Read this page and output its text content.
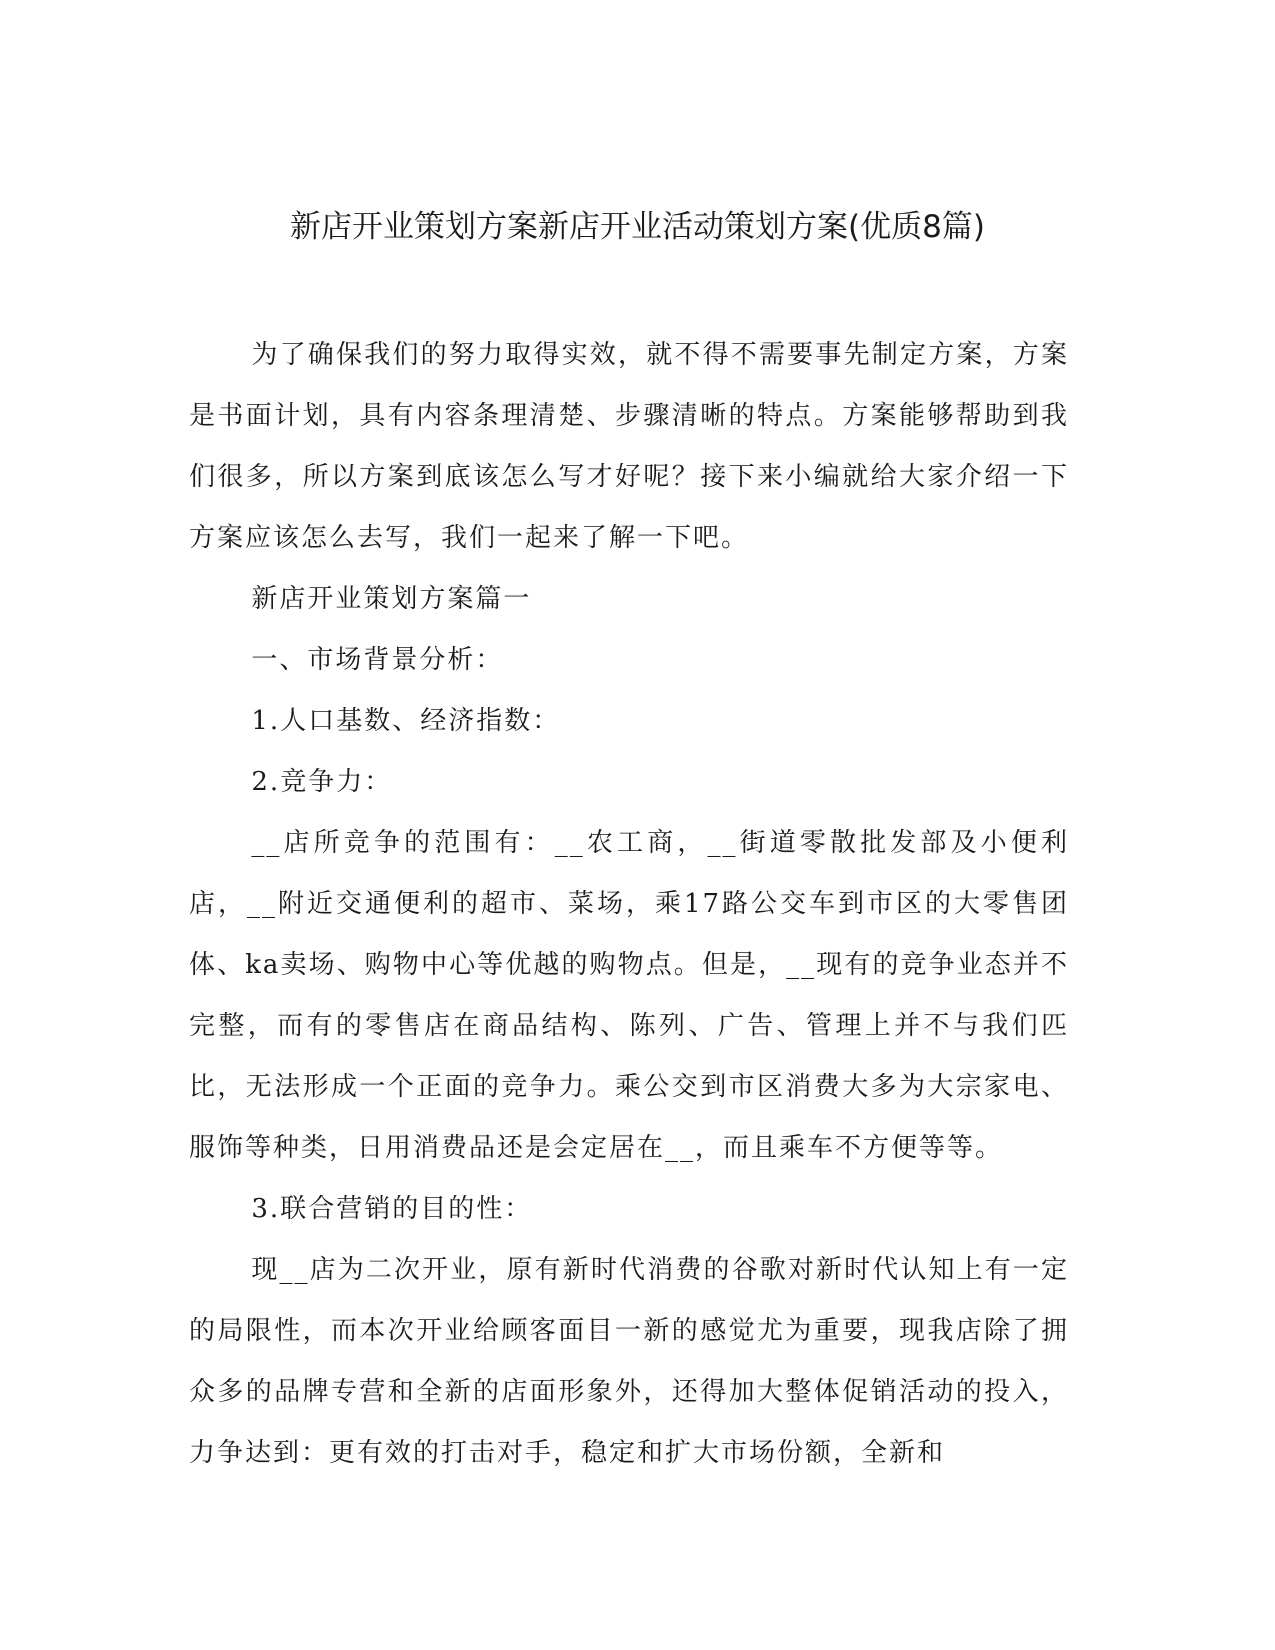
新店开业策划方案新店开业活动策划方案(优质8篇)

为了确保我们的努力取得实效，就不得不需要事先制定方案，方案是书面计划，具有内容条理清楚、步骤清晰的特点。方案能够帮助到我们很多，所以方案到底该怎么写才好呢？接下来小编就给大家介绍一下方案应该怎么去写，我们一起来了解一下吧。

新店开业策划方案篇一

一、市场背景分析：

1.人口基数、经济指数：

2.竞争力：

__店所竞争的范围有：__农工商，__街道零散批发部及小便利店，__附近交通便利的超市、菜场，乘17路公交车到市区的大零售团体、ka卖场、购物中心等优越的购物点。但是，__现有的竞争业态并不完整，而有的零售店在商品结构、陈列、广告、管理上并不与我们匹比，无法形成一个正面的竞争力。乘公交到市区消费大多为大宗家电、服饰等种类，日用消费品还是会定居在__，而且乘车不方便等等。

3.联合营销的目的性：

现__店为二次开业，原有新时代消费的谷歌对新时代认知上有一定的局限性，而本次开业给顾客面目一新的感觉尤为重要，现我店除了拥众多的品牌专营和全新的店面形象外，还得加大整体促销活动的投入，力争达到：更有效的打击对手，稳定和扩大市场份额，全新和
